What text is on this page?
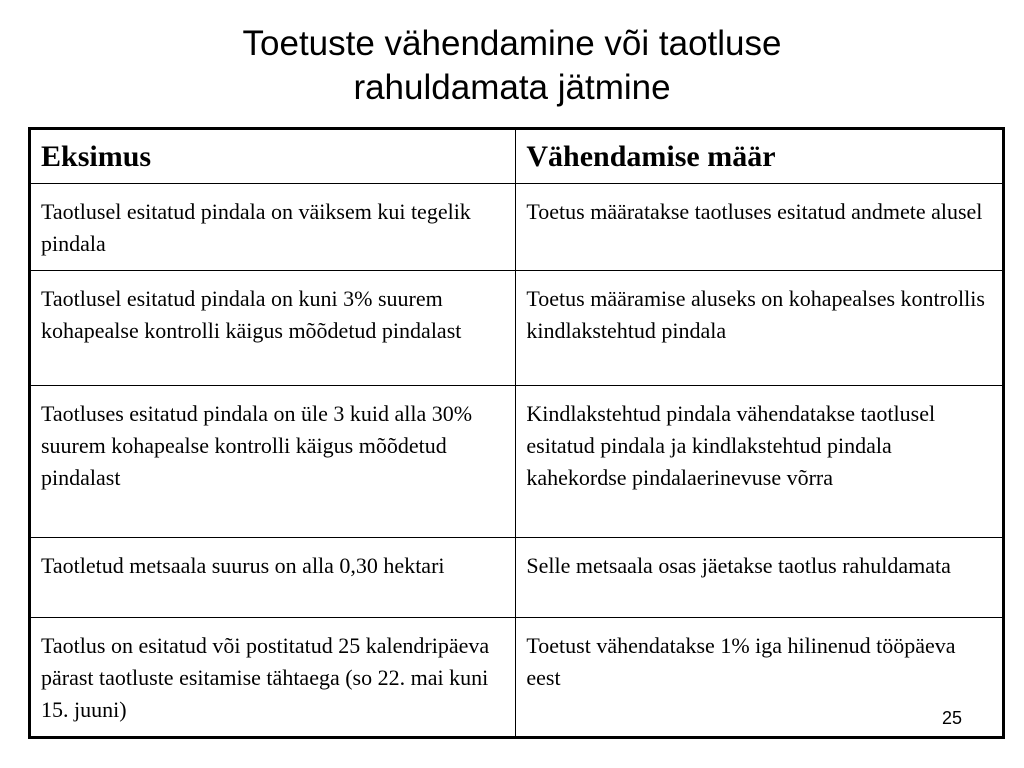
Toetuste vähendamine või taotluse
rahuldamata jätmine
Eksimus	Vähendamise määr
Taotlusel esitatud pindala on väiksem kui tegelik pindala	Toetus määratakse taotluses esitatud andmete alusel
Taotlusel esitatud pindala on kuni 3% suurem kohapealse kontrolli käigus mõõdetud pindalast	Toetus määramise aluseks on kohapealses kontrollis kindlakstehtud pindala
Taotluses esitatud pindala on üle 3 kuid alla 30% suurem kohapealse kontrolli käigus mõõdetud pindalast	Kindlakstehtud pindala vähendatakse taotlusel esitatud pindala ja kindlakstehtud pindala kahekordse pindalaerinevuse võrra
Taotletud metsaala suurus on alla 0,30 hektari	Selle metsaala osas jäetakse taotlus rahuldamata
Taotlus on esitatud või postitatud 25 kalendripäeva pärast taotluste esitamise tähtaega (so 22. mai kuni 15. juuni)	Toetust vähendatakse 1% iga hilinenud tööpäeva eest
25
